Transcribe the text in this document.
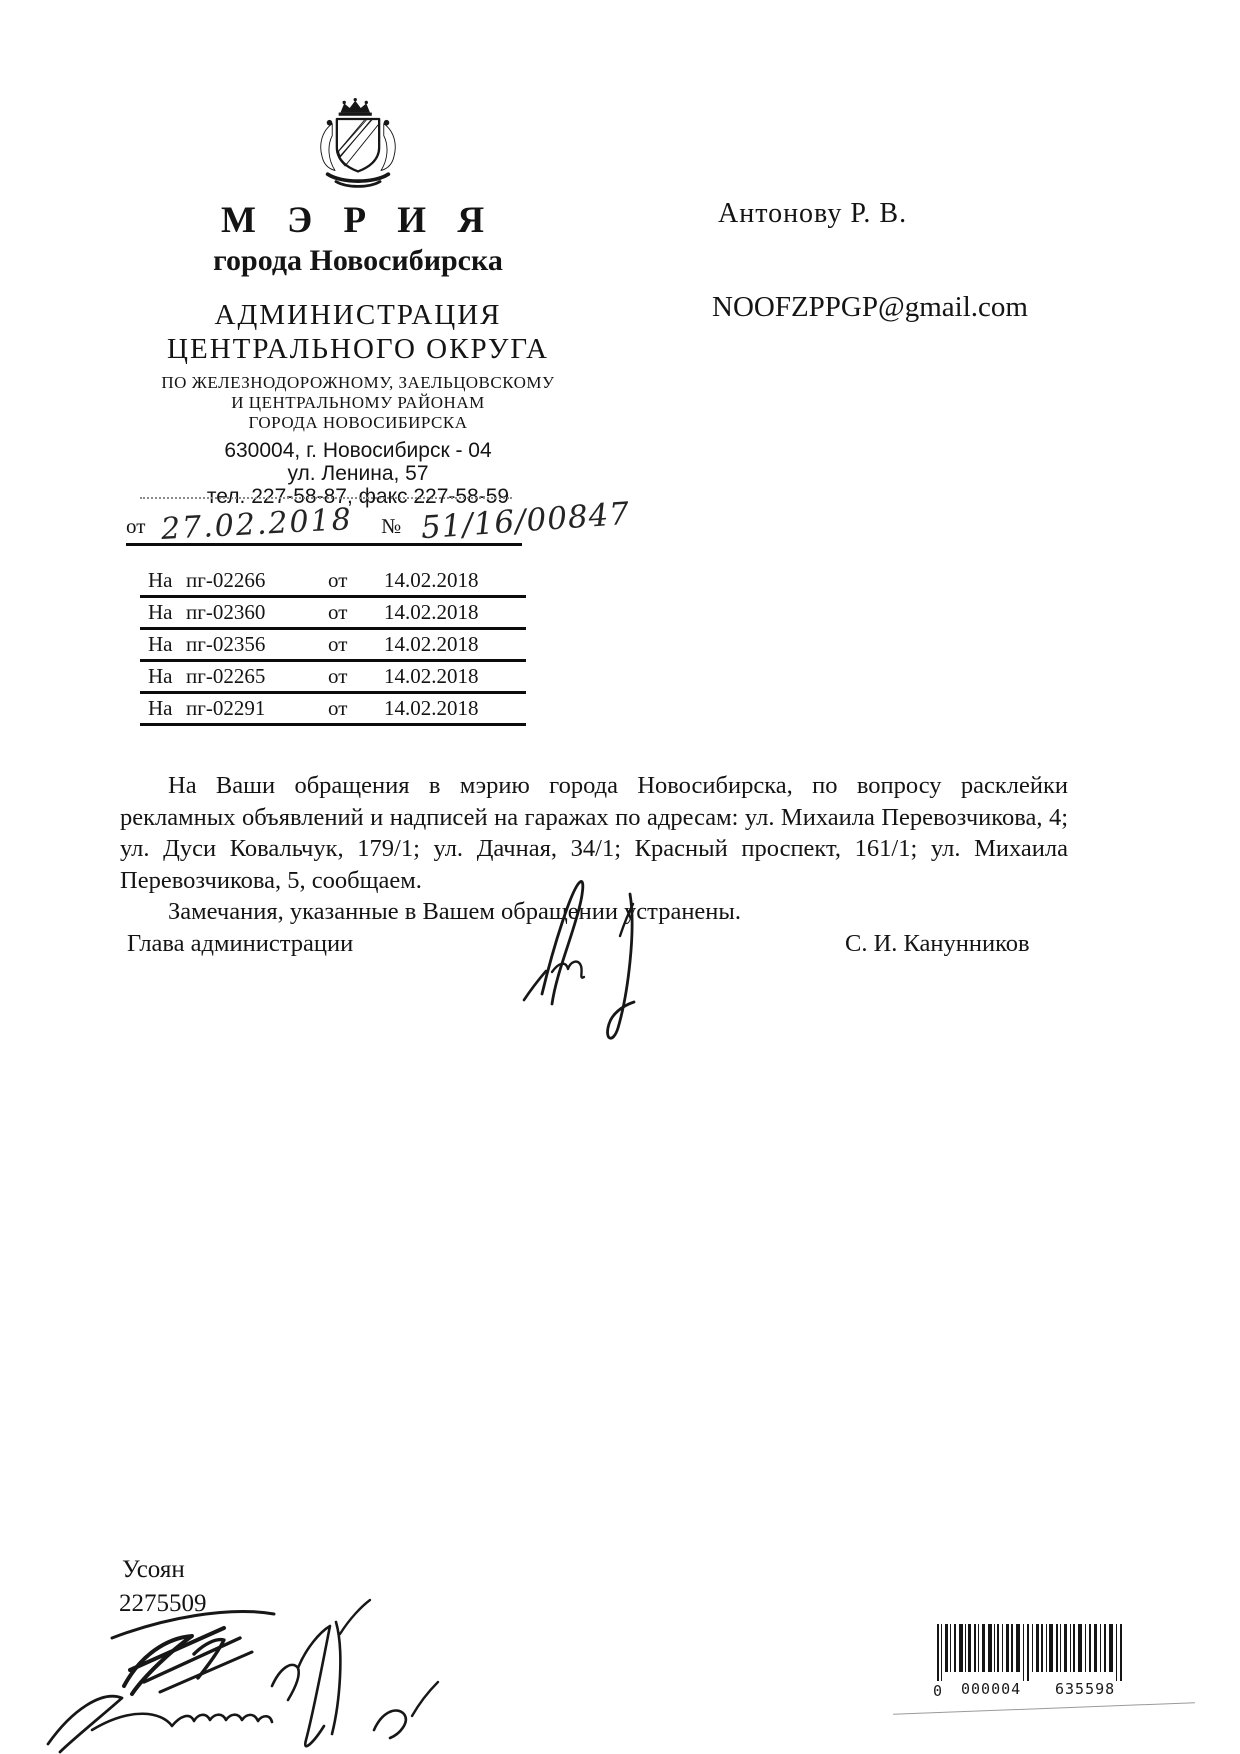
М Э Р И Я
города Новосибирска
АДМИНИСТРАЦИЯ
ЦЕНТРАЛЬНОГО ОКРУГА
ПО ЖЕЛЕЗНОДОРОЖНОМУ, ЗАЕЛЬЦОВСКОМУ
И ЦЕНТРАЛЬНОМУ РАЙОНАМ
ГОРОДА НОВОСИБИРСКА
630004, г. Новосибирск - 04
ул. Ленина, 57
тел. 227-58-87, факс 227-58-59
Антонову Р. В.
NOOFZPPGP@gmail.com
от 27.02.2018 № 51/16/00847
На пг-02266	от	14.02.2018
На пг-02360	от	14.02.2018
На пг-02356	от	14.02.2018
На пг-02265	от	14.02.2018
На пг-02291	от	14.02.2018

На Ваши обращения в мэрию города Новосибирска, по вопросу расклейки рекламных объявлений и надписей на гаражах по адресам: ул. Михаила Перевозчикова, 4; ул. Дуси Ковальчук, 179/1; ул. Дачная, 34/1; Красный проспект, 161/1; ул. Михаила Перевозчикова, 5, сообщаем.

Замечания, указанные в Вашем обращении устранены.

Глава администрации	С. И. Канунников
Усоян
2275509
0 000004 635598
